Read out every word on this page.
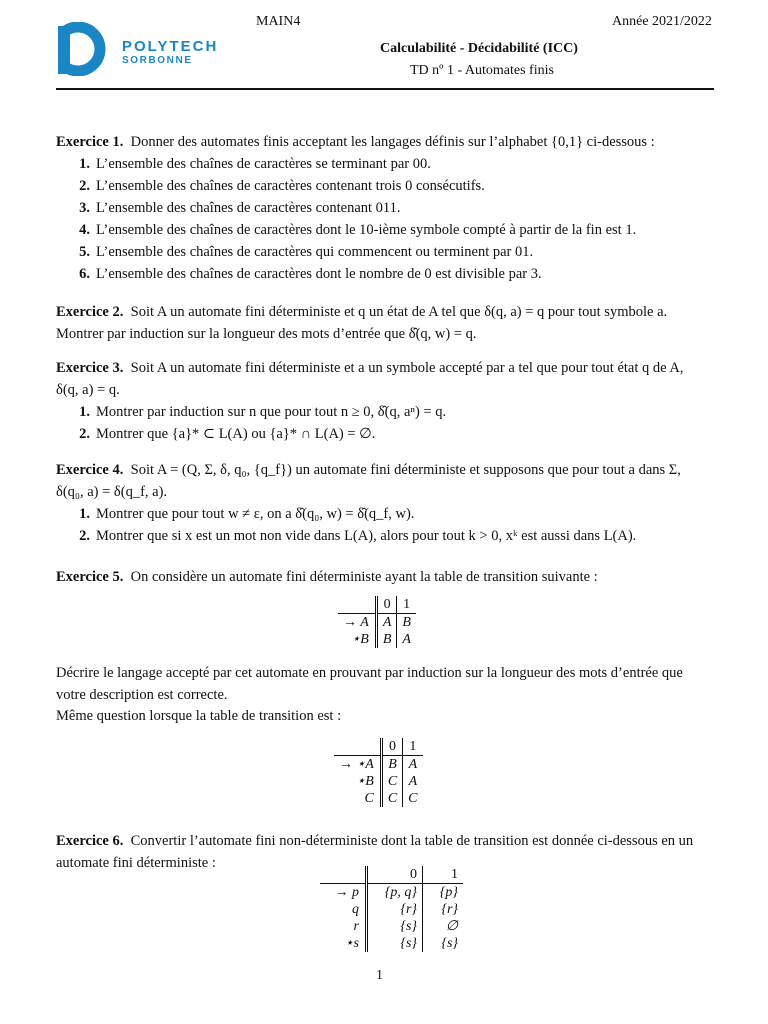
POLYTECH
SORBONNE
MAIN4	Année 2021/2022
Calculabilité - Décidabilité (ICC)
TD nº 1 - Automates finis
Exercice 1. Donner des automates finis acceptant les langages définis sur l’alphabet {0,1} ci-dessous :
1. L’ensemble des chaînes de caractères se terminant par 00.
2. L’ensemble des chaînes de caractères contenant trois 0 consécutifs.
3. L’ensemble des chaînes de caractères contenant 011.
4. L’ensemble des chaînes de caractères dont le 10-ième symbole compté à partir de la fin est 1.
5. L’ensemble des chaînes de caractères qui commencent ou terminent par 01.
6. L’ensemble des chaînes de caractères dont le nombre de 0 est divisible par 3.
Exercice 2. Soit A un automate fini déterministe et q un état de A tel que δ(q, a) = q pour tout symbole a.
Montrer par induction sur la longueur des mots d’entrée que δ̂(q, w) = q.
Exercice 3. Soit A un automate fini déterministe et a un symbole accepté par a tel que pour tout état q de A,
δ(q, a) = q.
1. Montrer par induction sur n que pour tout n ≥ 0, δ̂(q, aⁿ) = q.
2. Montrer que {a}* ⊂ L(A) ou {a}* ∩ L(A) = ∅.
Exercice 4. Soit A = (Q, Σ, δ, q₀, {q_f}) un automate fini déterministe et supposons que pour tout a dans Σ,
δ(q₀, a) = δ(q_f, a).
1. Montrer que pour tout w ≠ ε, on a δ̂(q₀, w) = δ̂(q_f, w).
2. Montrer que si x est un mot non vide dans L(A), alors pour tout k > 0, xᵏ est aussi dans L(A).
Exercice 5. On considère un automate fini déterministe ayant la table de transition suivante :
	0	1
→ A	A	B
⋆B	B	A
Décrire le langage accepté par cet automate en prouvant par induction sur la longueur des mots d’entrée que votre description est correcte.
Même question lorsque la table de transition est :
	0	1
→ ⋆A	B	A
⋆B	C	A
C	C	C
Exercice 6. Convertir l’automate fini non-déterministe dont la table de transition est donnée ci-dessous en un automate fini déterministe :
	0	1
→ p	{p, q}	{p}
q	{r}	{r}
r	{s}	∅
⋆s	{s}	{s}
1
